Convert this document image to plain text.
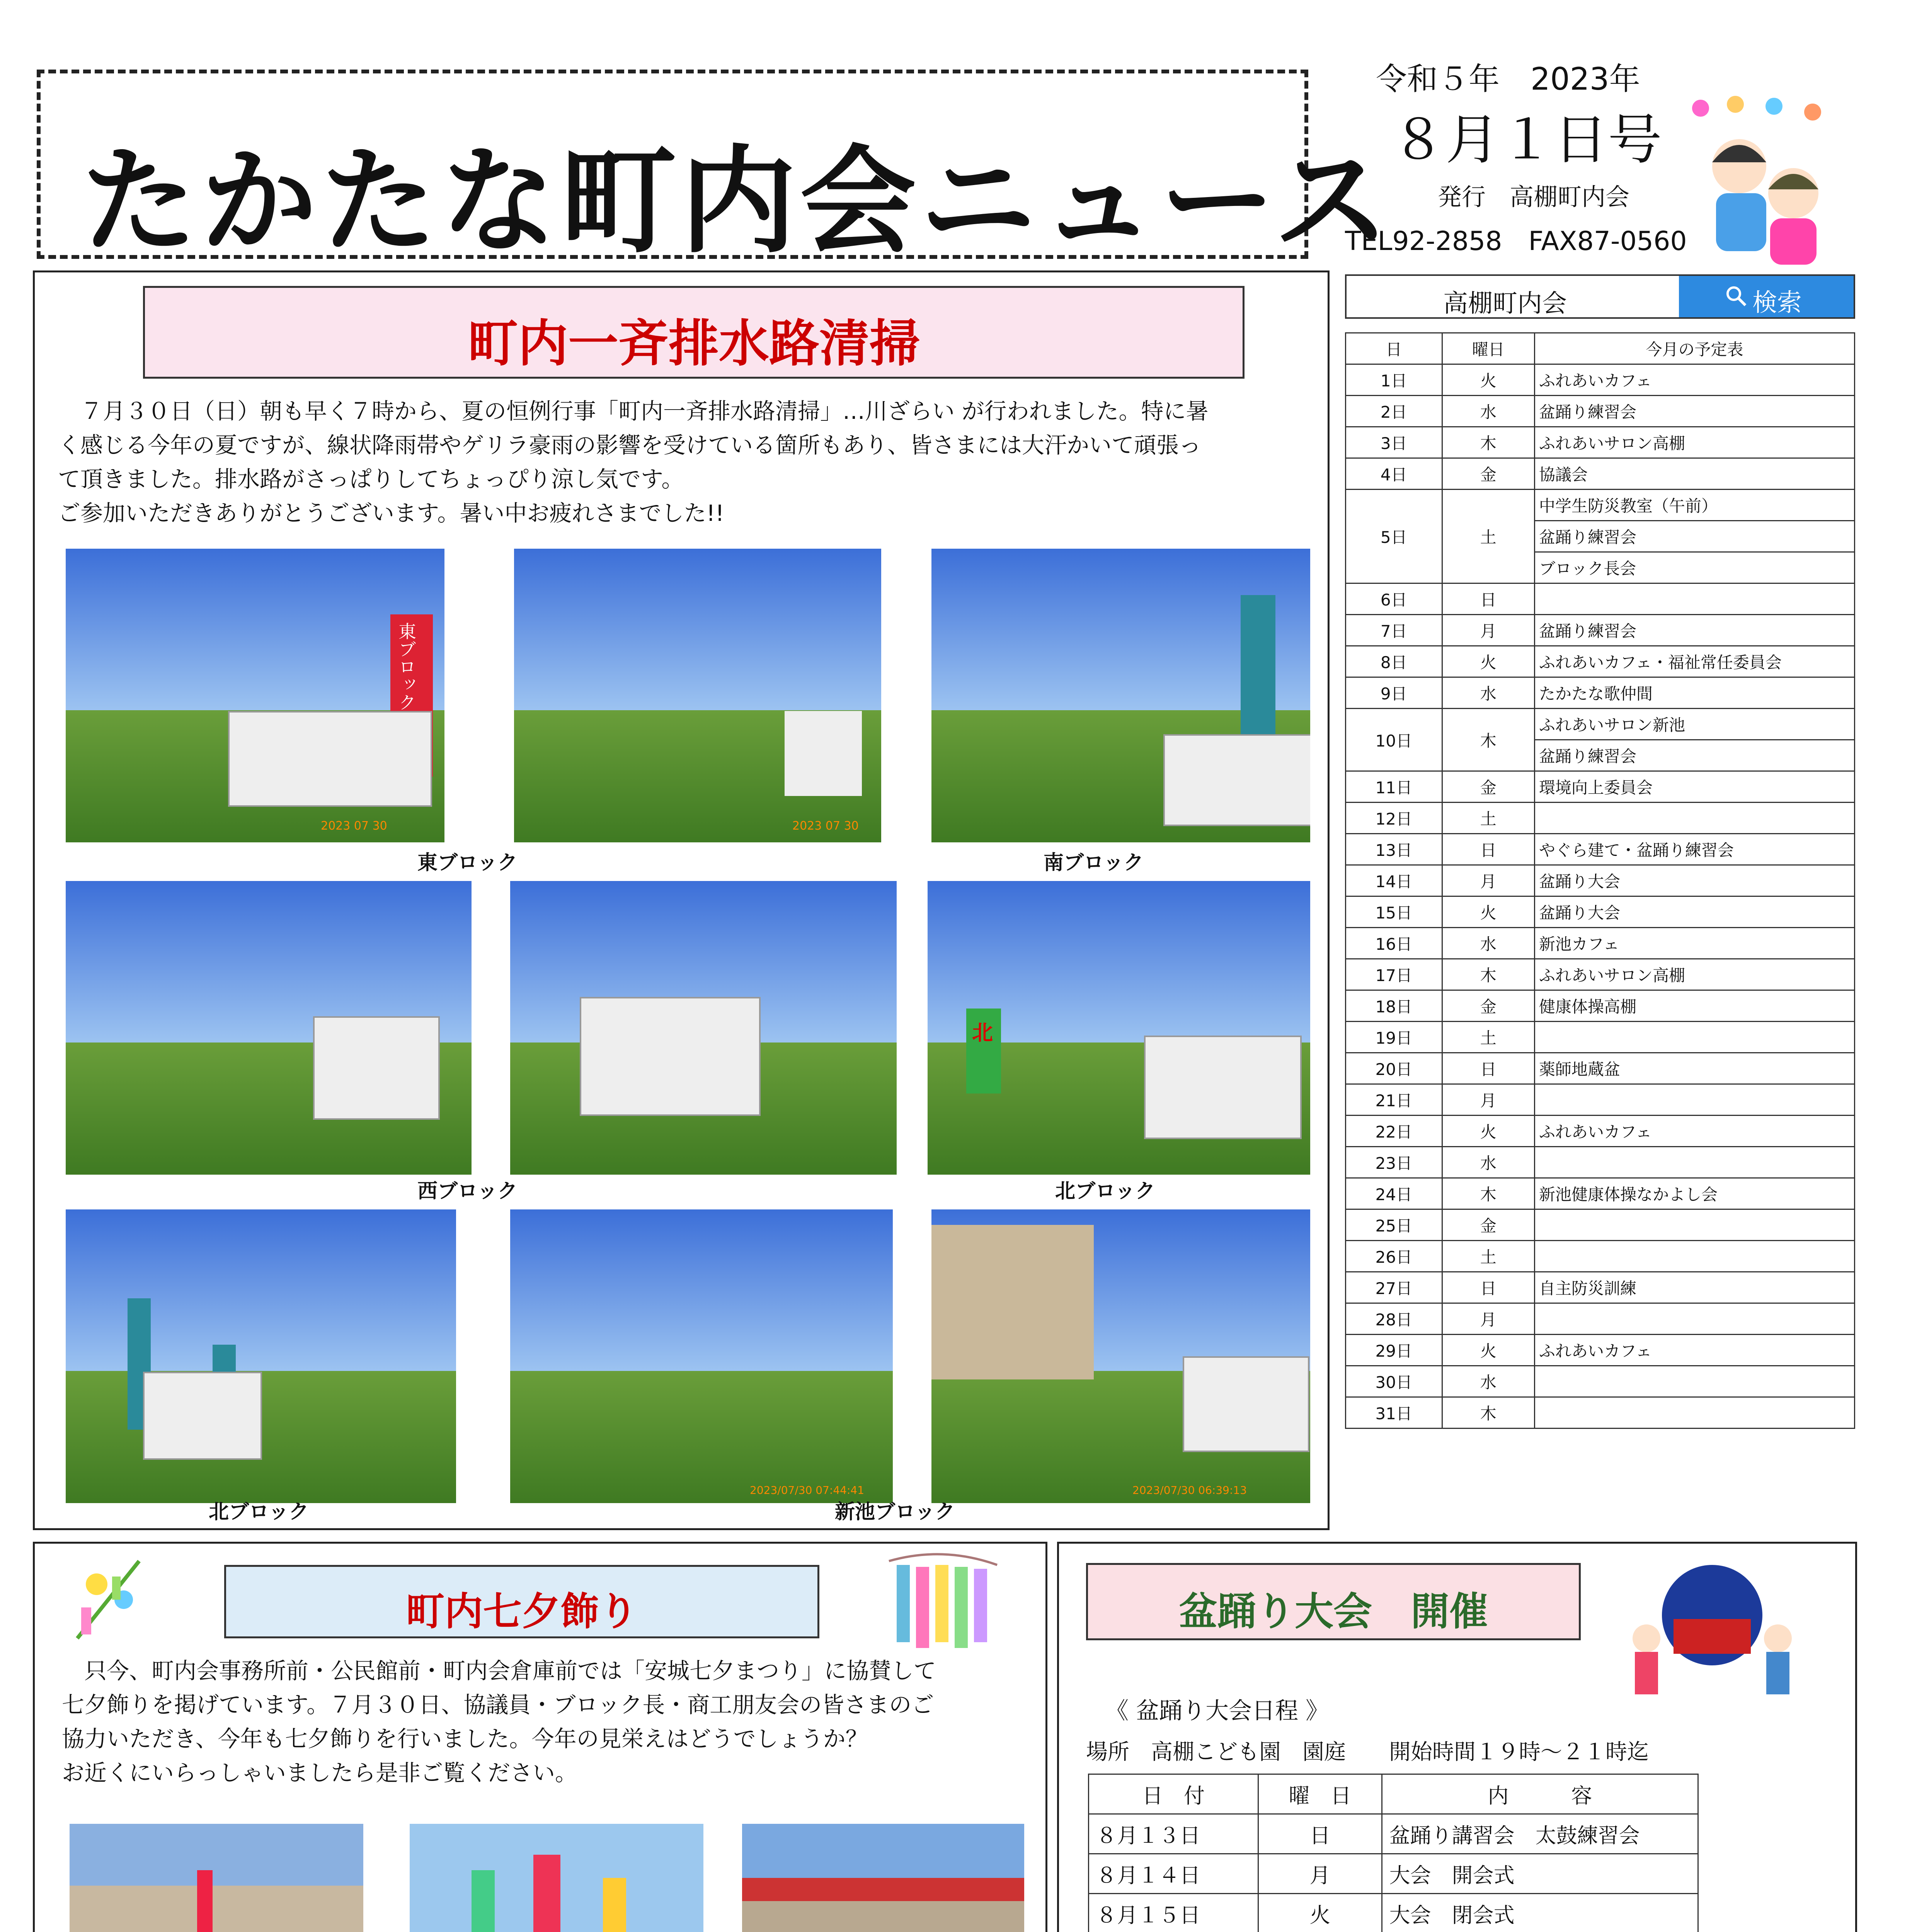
たかたな町内会ニュース
令和５年　2023年
８月１日号
発行　高棚町内会
TEL92-2858　FAX87-0560
町内一斉排水路清掃
　７月３０日（日）朝も早く７時から、夏の恒例行事「町内一斉排水路清掃」…川ざらい が行われました。特に暑
く感じる今年の夏ですが、線状降雨帯やゲリラ豪雨の影響を受けている箇所もあり、皆さまには大汗かいて頑張っ
て頂きました。排水路がさっぱりしてちょっぴり涼し気です。
ご参加いただきありがとうございます。暑い中お疲れさまでした!!
東ブロック
2023 07 30	2023 07 30
東ブロック	南ブロック
北
西ブロック	北ブロック
2023/07/30 07:44:41	2023/07/30 06:39:13
北ブロック	新池ブロック
高棚町内会	検索
日	曜日	今月の予定表
1日	火	ふれあいカフェ
2日	水	盆踊り練習会
3日	木	ふれあいサロン高棚
4日	金	協議会
5日	土	中学生防災教室（午前）
		盆踊り練習会
		ブロック長会
6日	日	
7日	月	盆踊り練習会
8日	火	ふれあいカフェ・福祉常任委員会
9日	水	たかたな歌仲間
10日	木	ふれあいサロン新池
		盆踊り練習会
11日	金	環境向上委員会
12日	土	
13日	日	やぐら建て・盆踊り練習会
14日	月	盆踊り大会
15日	火	盆踊り大会
16日	水	新池カフェ
17日	木	ふれあいサロン高棚
18日	金	健康体操高棚
19日	土	
20日	日	薬師地蔵盆
21日	月	
22日	火	ふれあいカフェ
23日	水	
24日	木	新池健康体操なかよし会
25日	金	
26日	土	
27日	日	自主防災訓練
28日	月	
29日	火	ふれあいカフェ
30日	水	
31日	木	
町内七夕飾り
　只今、町内会事務所前・公民館前・町内会倉庫前では「安城七夕まつり」に協賛して
七夕飾りを掲げています。７月３０日、協議員・ブロック長・商工朋友会の皆さまのご
協力いただき、今年も七夕飾りを行いました。今年の見栄えはどうでしょうか？
お近くにいらっしゃいましたら是非ご覧ください。
盆踊り大会　開催
《 盆踊り大会日程 》
場所　高棚こども園　園庭　　開始時間１９時～２１時迄
日　付	曜　日	内　　　容
８月１３日	日	盆踊り講習会　太鼓練習会
８月１４日	月	大会　開会式
８月１５日	火	大会　閉会式
